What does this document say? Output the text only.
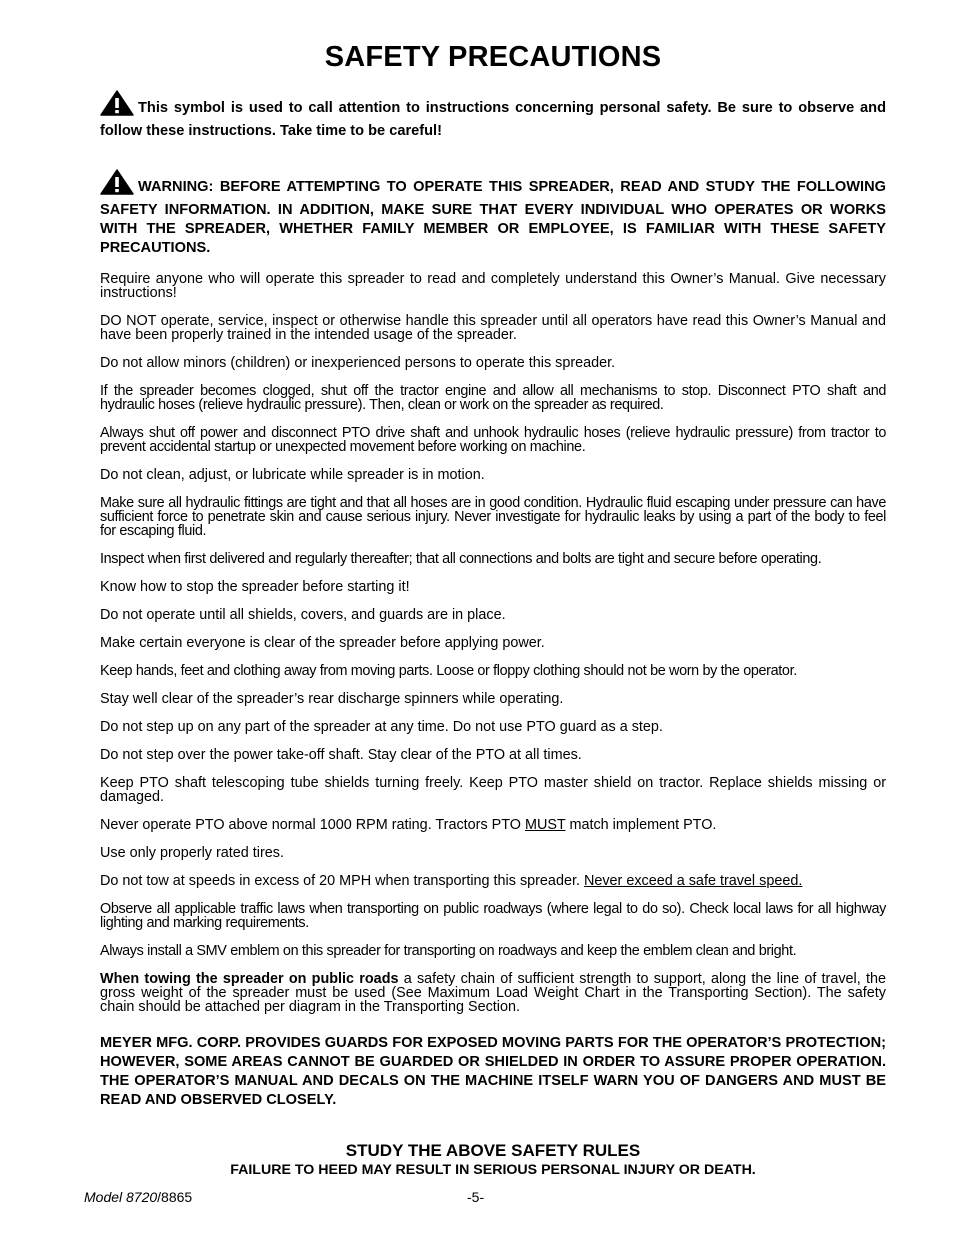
SAFETY PRECAUTIONS

This symbol is used to call attention to instructions concerning personal safety. Be sure to observe and follow these instructions. Take time to be careful!

WARNING: BEFORE ATTEMPTING TO OPERATE THIS SPREADER, READ AND STUDY THE FOLLOWING SAFETY INFORMATION. IN ADDITION, MAKE SURE THAT EVERY INDIVIDUAL WHO OPERATES OR WORKS WITH THE SPREADER, WHETHER FAMILY MEMBER OR EMPLOYEE, IS FAMILIAR WITH THESE SAFETY PRECAUTIONS.

Require anyone who will operate this spreader to read and completely understand this Owner’s Manual. Give necessary instructions!

DO NOT operate, service, inspect or otherwise handle this spreader until all operators have read this Owner’s Manual and have been properly trained in the intended usage of the spreader.

Do not allow minors (children) or inexperienced persons to operate this spreader.

If the spreader becomes clogged, shut off the tractor engine and allow all mechanisms to stop. Disconnect PTO shaft and hydraulic hoses (relieve hydraulic pressure). Then, clean or work on the spreader as required.

Always shut off power and disconnect PTO drive shaft and unhook hydraulic hoses (relieve hydraulic pressure) from tractor to prevent accidental startup or unexpected movement before working on machine.

Do not clean, adjust, or lubricate while spreader is in motion.

Make sure all hydraulic fittings are tight and that all hoses are in good condition. Hydraulic fluid escaping under pressure can have sufficient force to penetrate skin and cause serious injury. Never investigate for hydraulic leaks by using a part of the body to feel for escaping fluid.

Inspect when first delivered and regularly thereafter; that all connections and bolts are tight and secure before operating.

Know how to stop the spreader before starting it!

Do not operate until all shields, covers, and guards are in place.

Make certain everyone is clear of the spreader before applying power.

Keep hands, feet and clothing away from moving parts. Loose or floppy clothing should not be worn by the operator.

Stay well clear of the spreader’s rear discharge spinners while operating.

Do not step up on any part of the spreader at any time. Do not use PTO guard as a step.

Do not step over the power take-off shaft. Stay clear of the PTO at all times.

Keep PTO shaft telescoping tube shields turning freely. Keep PTO master shield on tractor. Replace shields missing or damaged.

Never operate PTO above normal 1000 RPM rating. Tractors PTO MUST match implement PTO.

Use only properly rated tires.

Do not tow at speeds in excess of 20 MPH when transporting this spreader. Never exceed a safe travel speed.

Observe all applicable traffic laws when transporting on public roadways (where legal to do so). Check local laws for all highway lighting and marking requirements.

Always install a SMV emblem on this spreader for transporting on roadways and keep the emblem clean and bright.

When towing the spreader on public roads a safety chain of sufficient strength to support, along the line of travel, the gross weight of the spreader must be used (See Maximum Load Weight Chart in the Transporting Section). The safety chain should be attached per diagram in the Transporting Section.

MEYER MFG. CORP. PROVIDES GUARDS FOR EXPOSED MOVING PARTS FOR THE OPERATOR’S PROTECTION; HOWEVER, SOME AREAS CANNOT BE GUARDED OR SHIELDED IN ORDER TO ASSURE PROPER OPERATION. THE OPERATOR’S MANUAL AND DECALS ON THE MACHINE ITSELF WARN YOU OF DANGERS AND MUST BE READ AND OBSERVED CLOSELY.

STUDY THE ABOVE SAFETY RULES
FAILURE TO HEED MAY RESULT IN SERIOUS PERSONAL INJURY OR DEATH.
Model 8720/8865	-5-
